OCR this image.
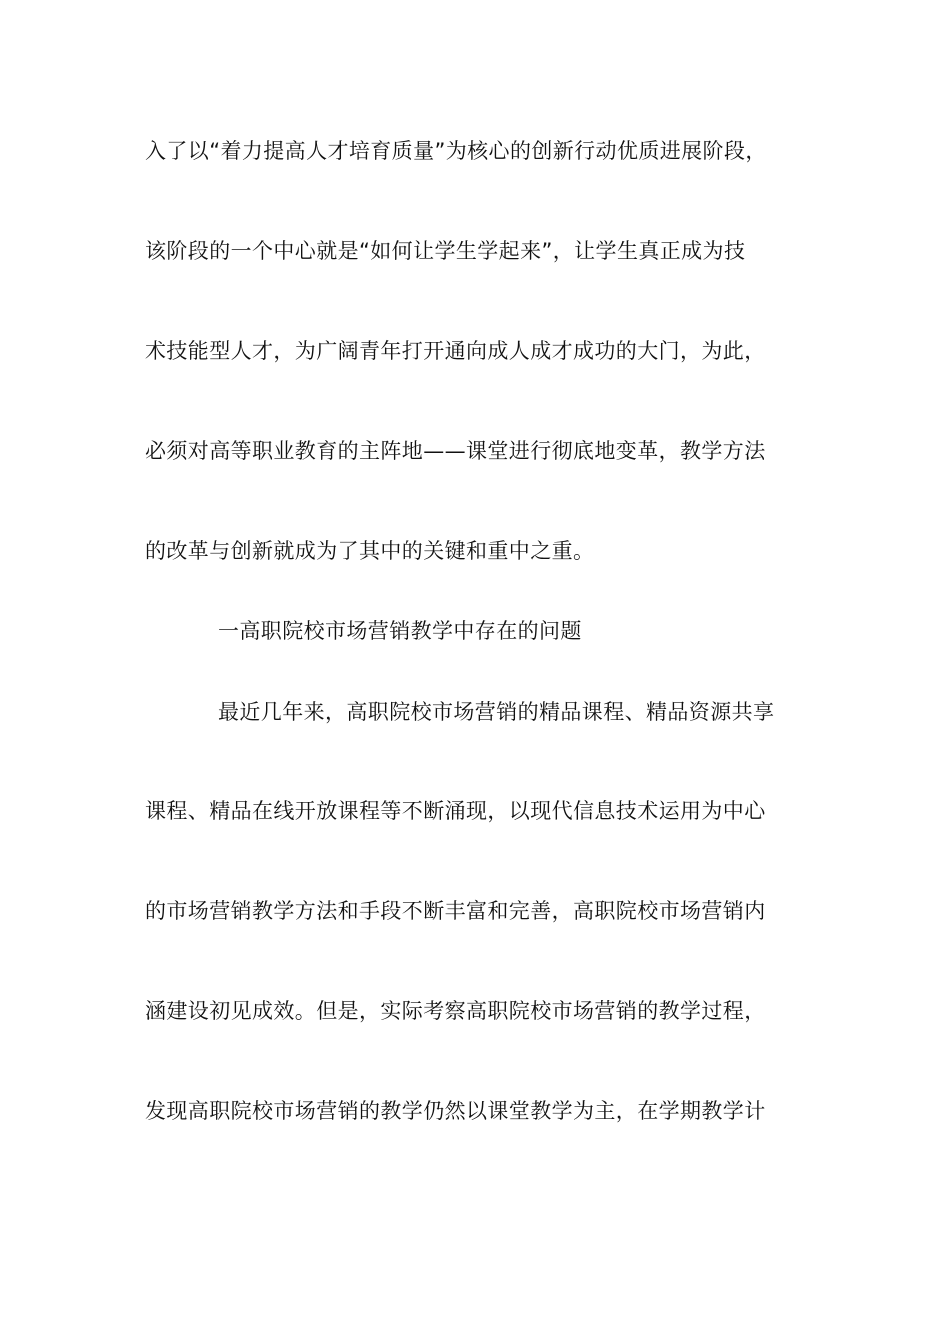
入了以“着力提高人才培育质量”为核心的创新行动优质进展阶段，
该阶段的一个中心就是“如何让学生学起来”，让学生真正成为技
术技能型人才，为广阔青年打开通向成人成才成功的大门，为此，
必须对高等职业教育的主阵地——课堂进行彻底地变革，教学方法
的改革与创新就成为了其中的关键和重中之重。
一高职院校市场营销教学中存在的问题
最近几年来，高职院校市场营销的精品课程、精品资源共享
课程、精品在线开放课程等不断涌现，以现代信息技术运用为中心
的市场营销教学方法和手段不断丰富和完善，高职院校市场营销内
涵建设初见成效。但是，实际考察高职院校市场营销的教学过程，
发现高职院校市场营销的教学仍然以课堂教学为主，在学期教学计
